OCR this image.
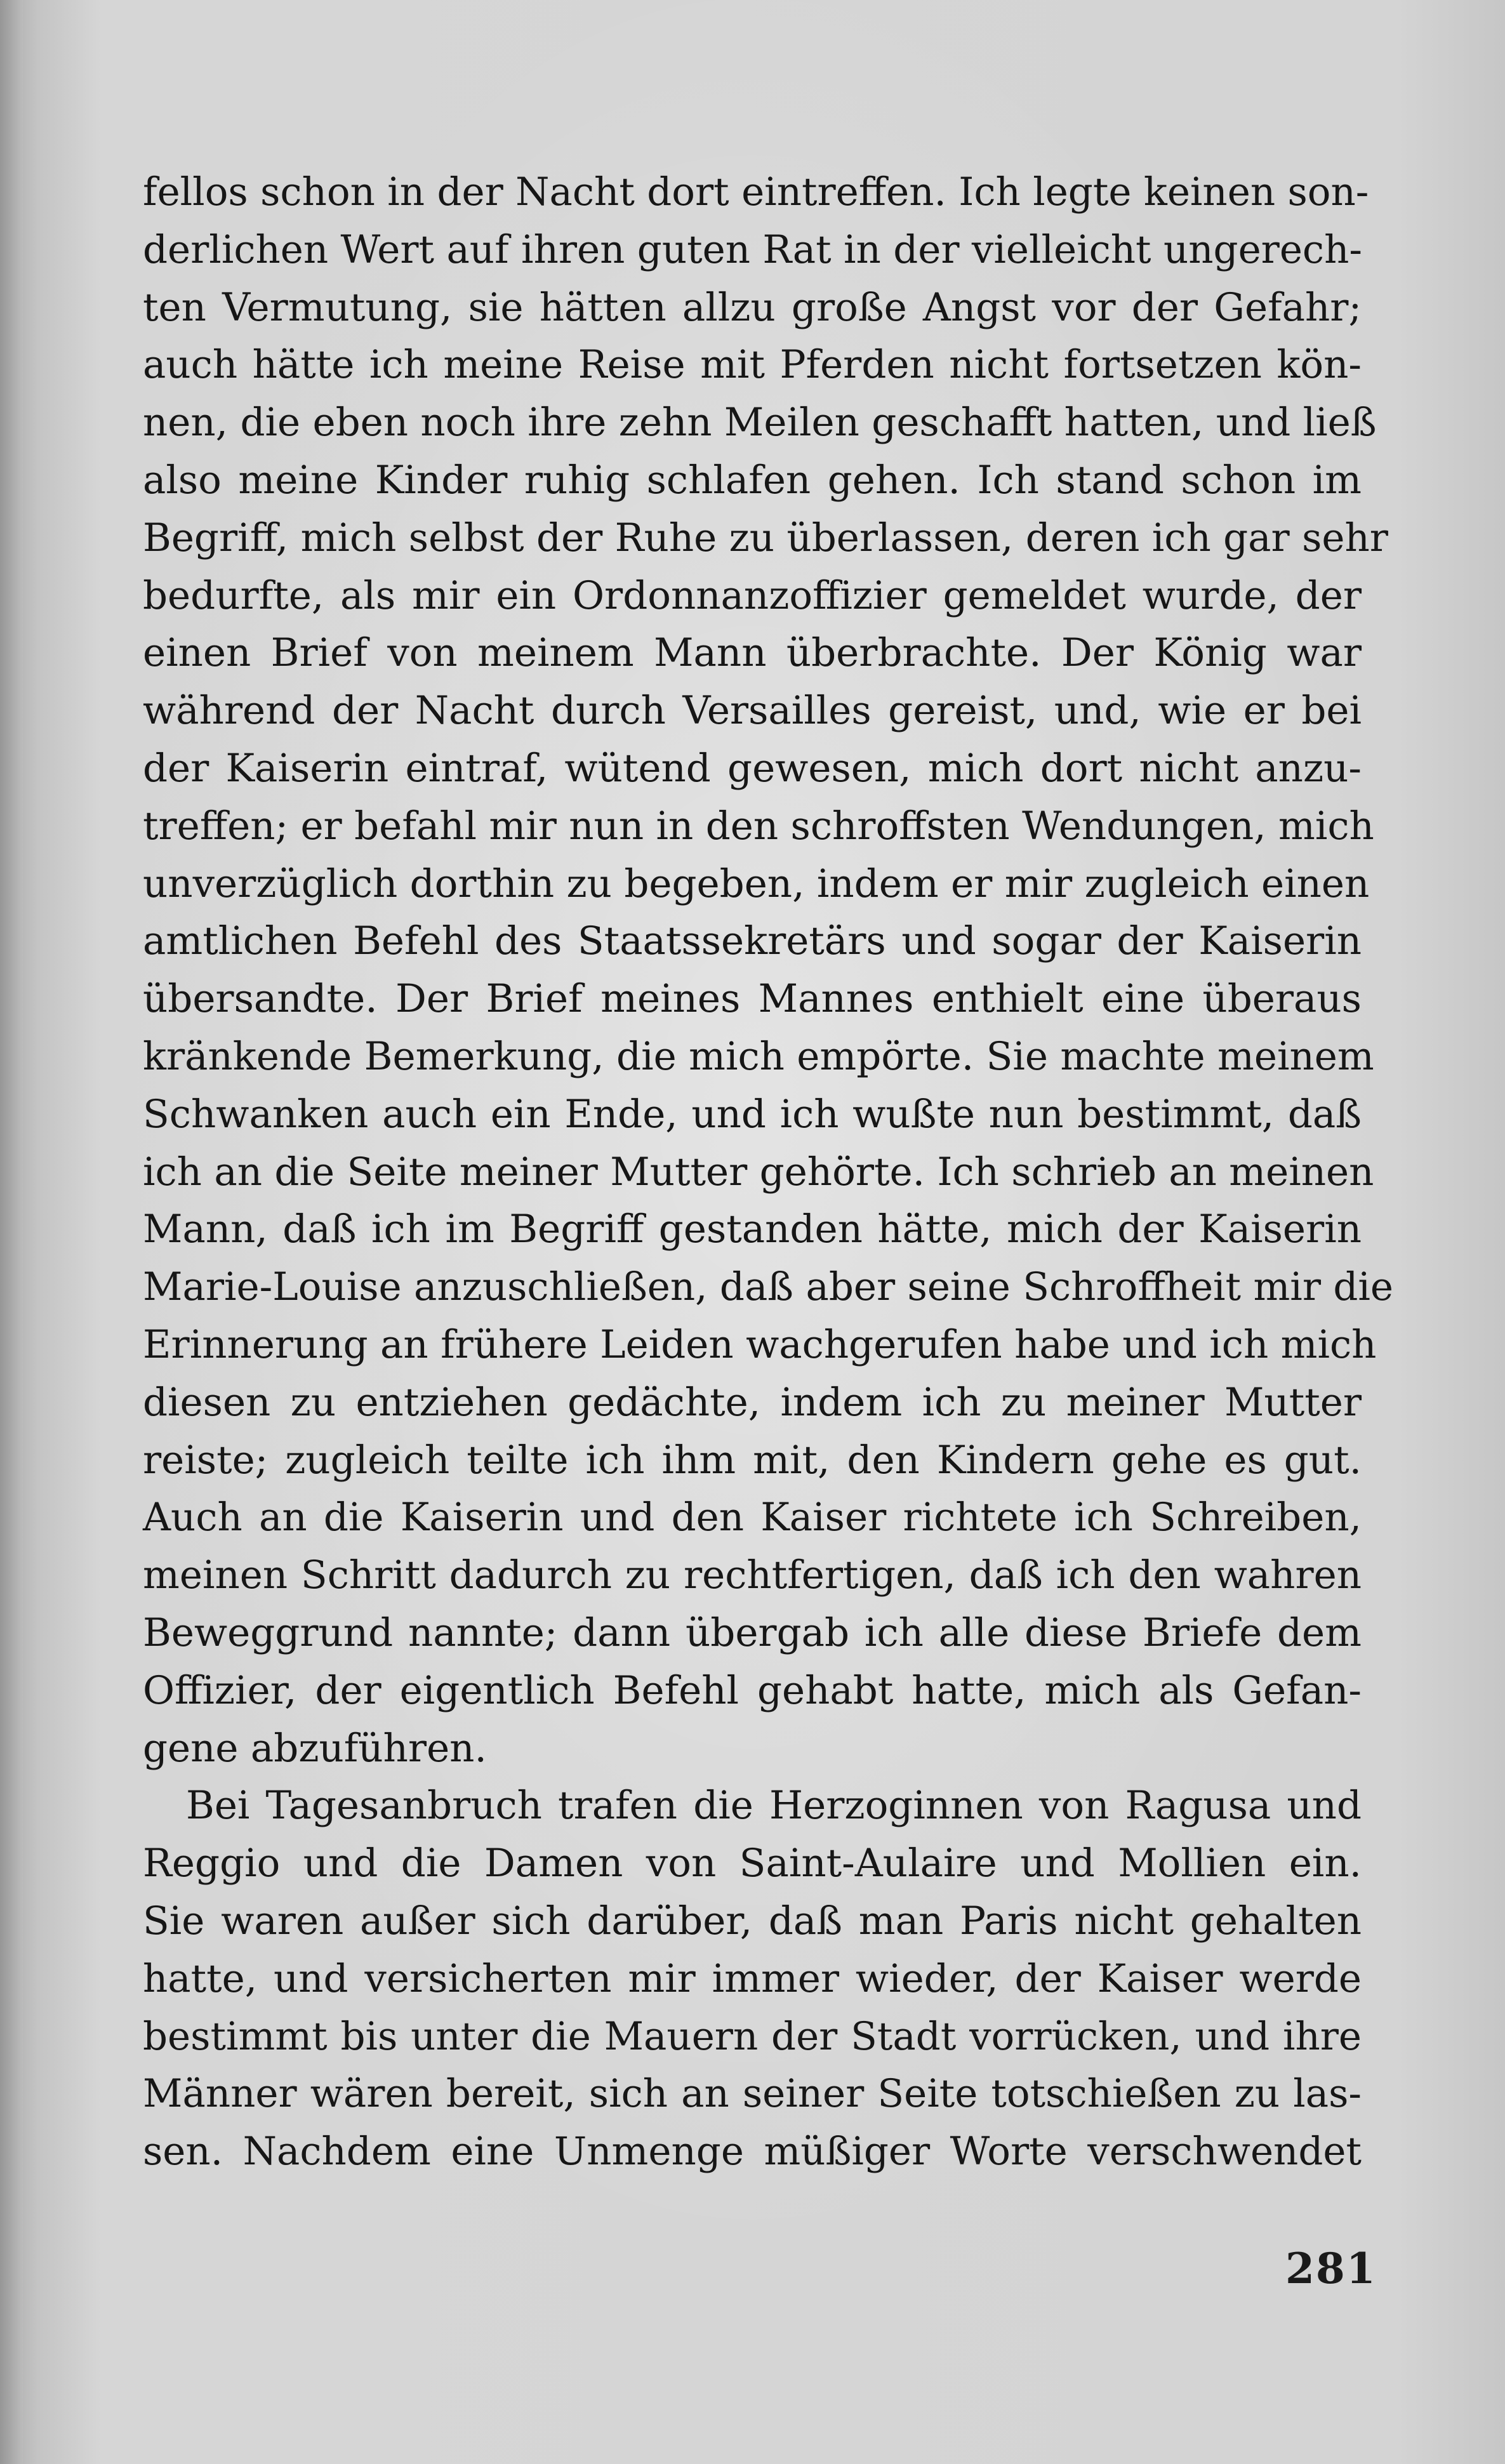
fellos schon in der Nacht dort eintreffen. Ich legte keinen son-
derlichen Wert auf ihren guten Rat in der vielleicht ungerech-
ten Vermutung, sie hätten allzu große Angst vor der Gefahr;
auch hätte ich meine Reise mit Pferden nicht fortsetzen kön-
nen, die eben noch ihre zehn Meilen geschafft hatten, und ließ
also meine Kinder ruhig schlafen gehen. Ich stand schon im
Begriff, mich selbst der Ruhe zu überlassen, deren ich gar sehr
bedurfte, als mir ein Ordonnanzoffizier gemeldet wurde, der
einen Brief von meinem Mann überbrachte. Der König war
während der Nacht durch Versailles gereist, und, wie er bei
der Kaiserin eintraf, wütend gewesen, mich dort nicht anzu-
treffen; er befahl mir nun in den schroffsten Wendungen, mich
unverzüglich dorthin zu begeben, indem er mir zugleich einen
amtlichen Befehl des Staatssekretärs und sogar der Kaiserin
übersandte. Der Brief meines Mannes enthielt eine überaus
kränkende Bemerkung, die mich empörte. Sie machte meinem
Schwanken auch ein Ende, und ich wußte nun bestimmt, daß
ich an die Seite meiner Mutter gehörte. Ich schrieb an meinen
Mann, daß ich im Begriff gestanden hätte, mich der Kaiserin
Marie-Louise anzuschließen, daß aber seine Schroffheit mir die
Erinnerung an frühere Leiden wachgerufen habe und ich mich
diesen zu entziehen gedächte, indem ich zu meiner Mutter
reiste; zugleich teilte ich ihm mit, den Kindern gehe es gut.
Auch an die Kaiserin und den Kaiser richtete ich Schreiben,
meinen Schritt dadurch zu rechtfertigen, daß ich den wahren
Beweggrund nannte; dann übergab ich alle diese Briefe dem
Offizier, der eigentlich Befehl gehabt hatte, mich als Gefan-
gene abzuführen.
Bei Tagesanbruch trafen die Herzoginnen von Ragusa und
Reggio und die Damen von Saint-Aulaire und Mollien ein.
Sie waren außer sich darüber, daß man Paris nicht gehalten
hatte, und versicherten mir immer wieder, der Kaiser werde
bestimmt bis unter die Mauern der Stadt vorrücken, und ihre
Männer wären bereit, sich an seiner Seite totschießen zu las-
sen. Nachdem eine Unmenge müßiger Worte verschwendet
281
